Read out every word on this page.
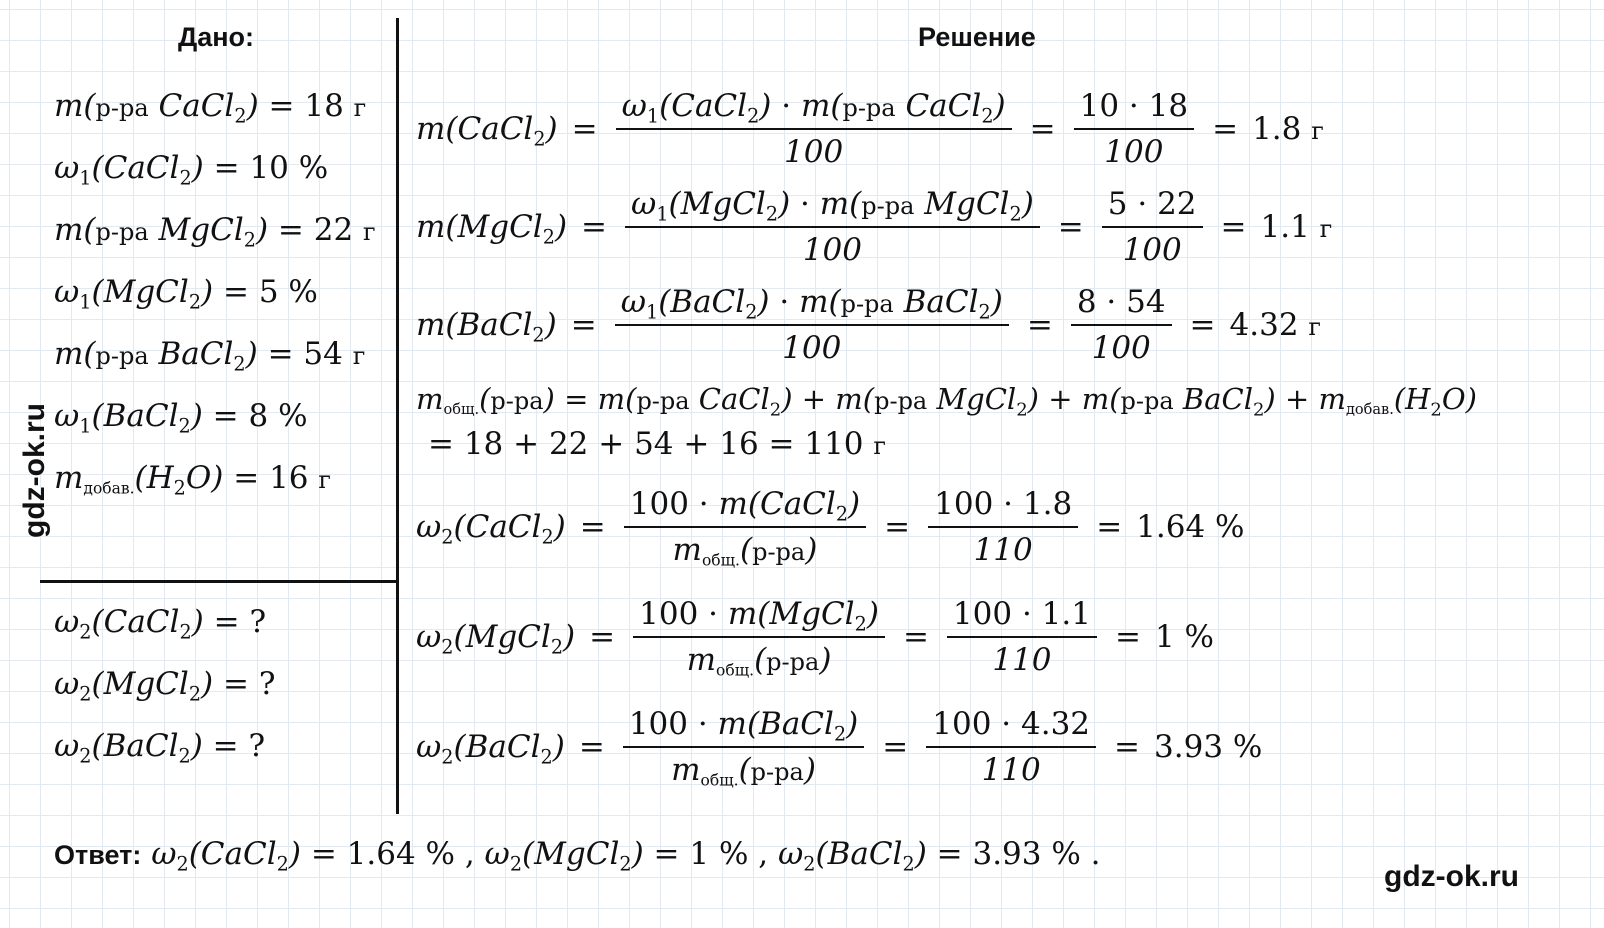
Дано:	Решение
gdz-ok.ru
m(р-ра CaCl$_2$) = 18 г
$\omega_1(CaCl_2) = 10$ %
m(р-ра MgCl$_2$) = 22 г
$\omega_1(MgCl_2) = 5$ %
m(р-ра BaCl$_2$) = 54 г
$\omega_1(BaCl_2) = 8$ %
$m_{добав.}(H_2O) = 16$ г
$\omega_2(CaCl_2)$ = ?
$\omega_2(MgCl_2)$ = ?
$\omega_2(BaCl_2)$ = ?
m(CaCl$_2$) = $\frac{\omega_1(CaCl_2) \cdot m(р-ра CaCl_2)}{100} = \frac{10 \cdot 18}{100} = 1.8$ г
m(MgCl$_2$) = $\frac{\omega_1(MgCl_2) \cdot m(р-ра MgCl_2)}{100} = \frac{5 \cdot 22}{100} = 1.1$ г
m(BaCl$_2$) = $\frac{\omega_1(BaCl_2) \cdot m(р-ра BaCl_2)}{100} = \frac{8 \cdot 54}{100} = 4.32$ г
$m_{общ.}(р-ра) = m(р-ра$ CaCl$_2$) + m(р-ра MgCl$_2$) + m(р-ра BaCl$_2$) + $m_{добав.}(H_2O)$
= 18 + 22 + 54 + 16 = 110 г
$\omega_2(CaCl_2) = \frac{100 \cdot m(CaCl_2)}{m_{общ.}(р-ра)} = \frac{100 \cdot 1.8}{110} = 1.64$ %
$\omega_2(MgCl_2) = \frac{100 \cdot m(MgCl_2)}{m_{общ.}(р-ра)} = \frac{100 \cdot 1.1}{110} = 1$ %
$\omega_2(BaCl_2) = \frac{100 \cdot m(BaCl_2)}{m_{общ.}(р-ра)} = \frac{100 \cdot 4.32}{110} = 3.93$ %
Ответ: $\omega_2(CaCl_2) = 1.64$ % , $\omega_2(MgCl_2) = 1$ % , $\omega_2(BaCl_2) = 3.93$ % .
gdz-ok.ru
